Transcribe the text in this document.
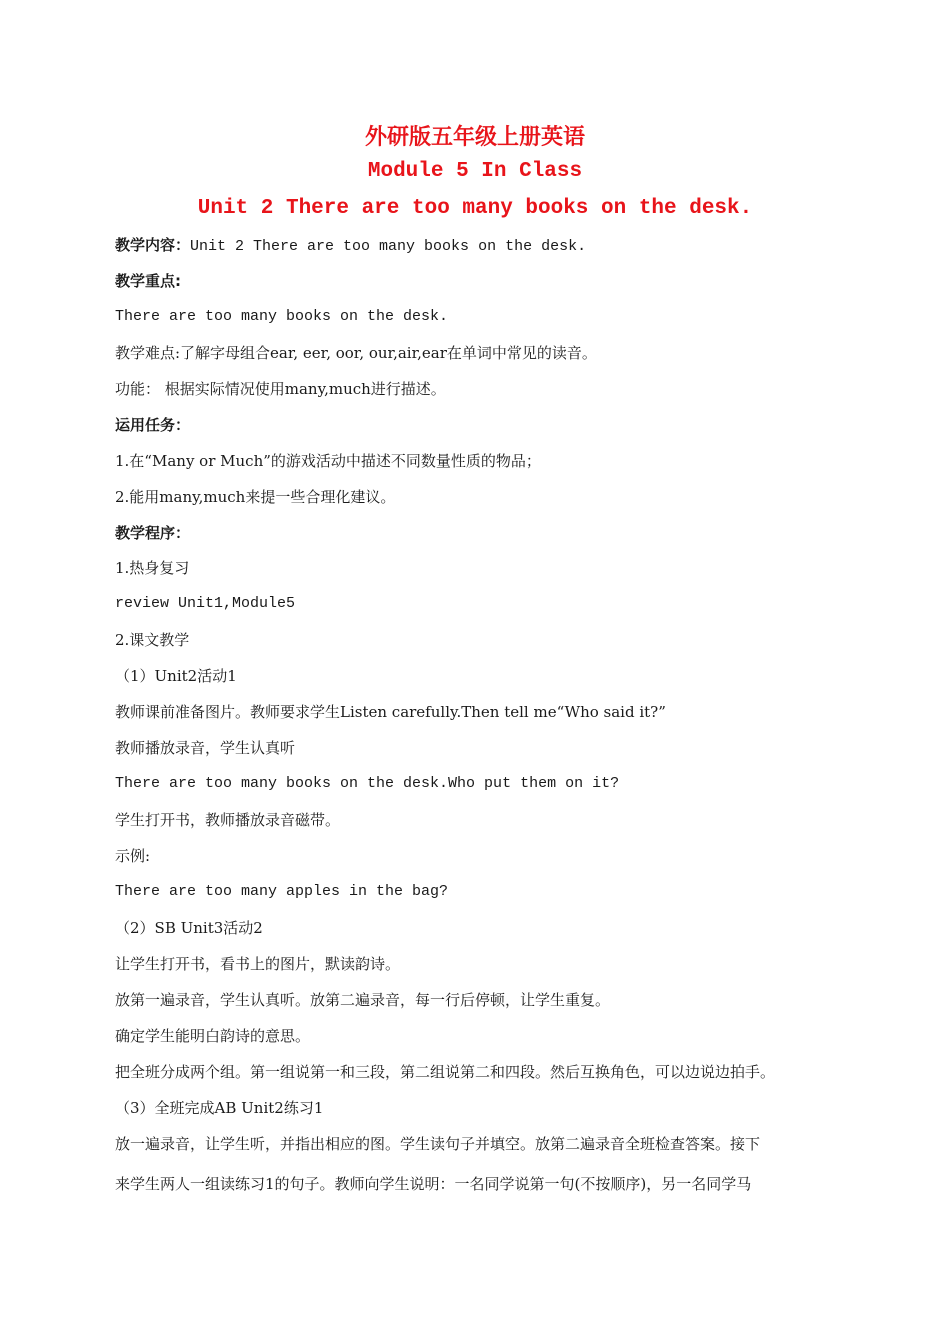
外研版五年级上册英语

Module 5 In Class

Unit 2 There are too many books on the desk.

教学内容：Unit 2 There are too many books on the desk.

教学重点:

There are too many books on the desk.

教学难点:了解字母组合ear, eer, oor, our,air,ear在单词中常见的读音。

功能： 根据实际情况使用many,much进行描述。

运用任务：

1.在“Many or Much”的游戏活动中描述不同数量性质的物品；

2.能用many,much来提一些合理化建议。

教学程序：

1.热身复习

review Unit1,Module5

2.课文教学

（1）Unit2活动1

教师课前准备图片。教师要求学生Listen carefully.Then tell me“Who said it?”

教师播放录音，学生认真听

There are too many books on the desk.Who put them on it?

学生打开书，教师播放录音磁带。

示例:

There are too many apples in the bag?

（2）SB Unit3活动2

让学生打开书，看书上的图片，默读韵诗。

放第一遍录音，学生认真听。放第二遍录音，每一行后停顿，让学生重复。

确定学生能明白韵诗的意思。

把全班分成两个组。第一组说第一和三段，第二组说第二和四段。然后互换角色，可以边说边拍手。

（3）全班完成AB Unit2练习1

放一遍录音，让学生听，并指出相应的图。学生读句子并填空。放第二遍录音全班检查答案。接下

来学生两人一组读练习1的句子。教师向学生说明：一名同学说第一句(不按顺序)，另一名同学马
